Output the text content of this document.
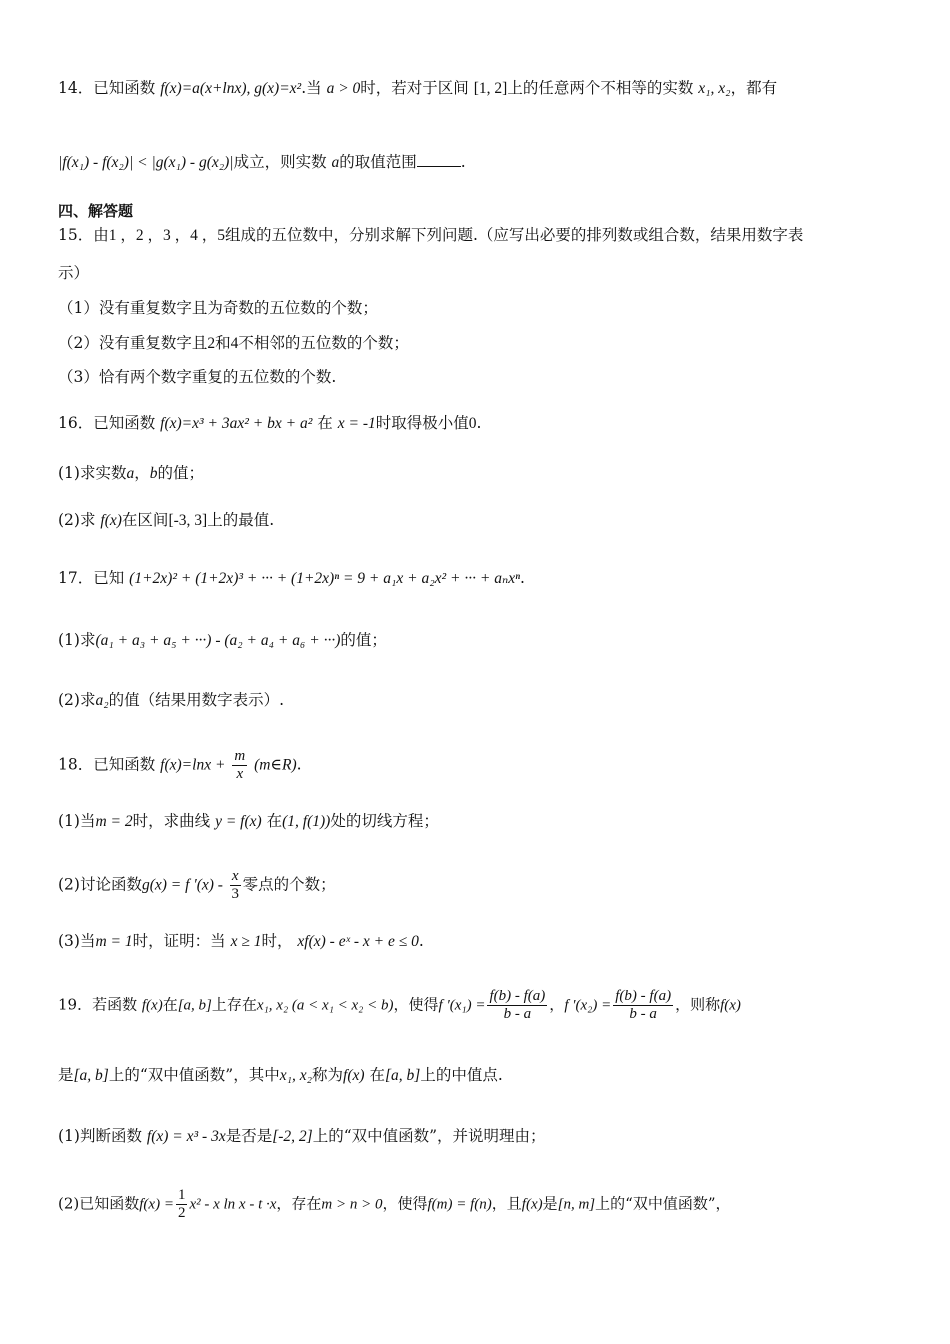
14．已知函数 f(x)=a(x+lnx), g(x)=x².当 a > 0时，若对于区间 [1, 2]上的任意两个不相等的实数 x₁, x₂，都有
|f(x₁) - f(x₂)| < |g(x₁) - g(x₂)|成立，则实数 a的取值范围	.
四、解答题
15．由1 ，2 ，3 ，4 ，5组成的五位数中，分别求解下列问题.（应写出必要的排列数或组合数，结果用数字表
示）
（1）没有重复数字且为奇数的五位数的个数；
（2）没有重复数字且2和4不相邻的五位数的个数；
（3）恰有两个数字重复的五位数的个数.
16．已知函数 f(x)=x³ + 3ax² + bx + a² 在 x = -1时取得极小值0.
(1)求实数a，b的值；
(2)求 f(x)在区间[-3, 3]上的最值.
17．已知 (1+2x)² + (1+2x)³ + ··· + (1+2x)ⁿ = 9 + a₁x + a₂x² + ··· + aₙxⁿ.
(1)求(a₁ + a₃ + a₅ + ···) - (a₂ + a₄ + a₆ + ···)的值；
(2)求a₂的值（结果用数字表示）.
18．已知函数 $f(x)=\ln x + \frac{m}{x}$ (m∈R).
(1)当m = 2时，求曲线 y = f(x) 在(1, f(1))处的切线方程；
(2)讨论函数g(x) = f $'(x) - \frac{x}{3}$ 零点的个数；
(3)当m = 1时，证明：当 x ≥ 1时， xf(x) - eˣ - x + e ≤ 0.
19．若函数 f(x)在[a, b]上存在x₁, x₂ (a < x₁ < x₂ < b)，使得f $'(x_1) = \frac{f(b) - f(a)}{b - a}$ ，f $'(x_2) = \frac{f(b) - f(a)}{b - a}$ ，则称f(x)
是[a, b]上的“双中值函数”，其中x₁, x₂称为f(x) 在[a, b]上的中值点.
(1)判断函数 f(x) = x³ - 3x是否是[-2, 2]上的“双中值函数”，并说明理由；
(2)已知函数$f(x) = \frac{1}{2} x^2 - x$ ln x - t ·x，存在m > n > 0，使得f(m) = f(n)，且f(x)是[n, m]上的“双中值函数”，
